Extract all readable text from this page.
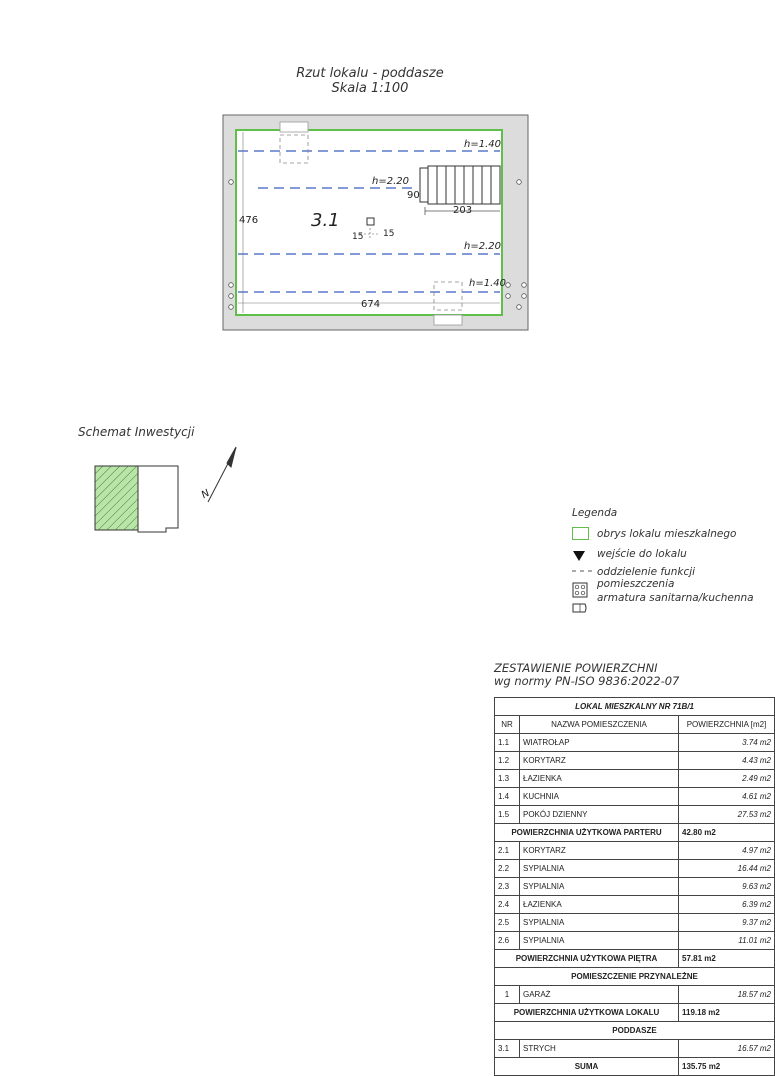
Rzut lokalu - poddasze
Skala 1:100
h=1.40
h=2.20
h=2.20
h=1.40
90
203
476
674
3.1
15 15
Schemat Inwestycji
N
Legenda
obrys lokalu mieszkalnego
wejście do lokalu
oddzielenie funkcji pomieszczenia
armatura sanitarna/kuchenna
ZESTAWIENIE POWIERZCHNI
wg normy PN-ISO 9836:2022-07
LOKAL MIESZKALNY NR 71B/1		
NR	NAZWA POMIESZCZENIA	POWIERZCHNIA [m2]
1.1	WIATROŁAP	3.74 m2
1.2	KORYTARZ	4.43 m2
1.3	ŁAZIENKA	2.49 m2
1.4	KUCHNIA	4.61 m2
1.5	POKÓJ DZIENNY	27.53 m2
POWIERZCHNIA UŻYTKOWA PARTERU		42.80 m2
2.1	KORYTARZ	4.97 m2
2.2	SYPIALNIA	16.44 m2
2.3	SYPIALNIA	9.63 m2
2.4	ŁAZIENKA	6.39 m2
2.5	SYPIALNIA	9.37 m2
2.6	SYPIALNIA	11.01 m2
POWIERZCHNIA UŻYTKOWA PIĘTRA		57.81 m2
POMIESZCZENIE PRZYNALEŻNE		
1	GARAŻ	18.57 m2
POWIERZCHNIA UŻYTKOWA LOKALU		119.18 m2
PODDASZE		
3.1	STRYCH	16.57 m2
SUMA		135.75 m2
